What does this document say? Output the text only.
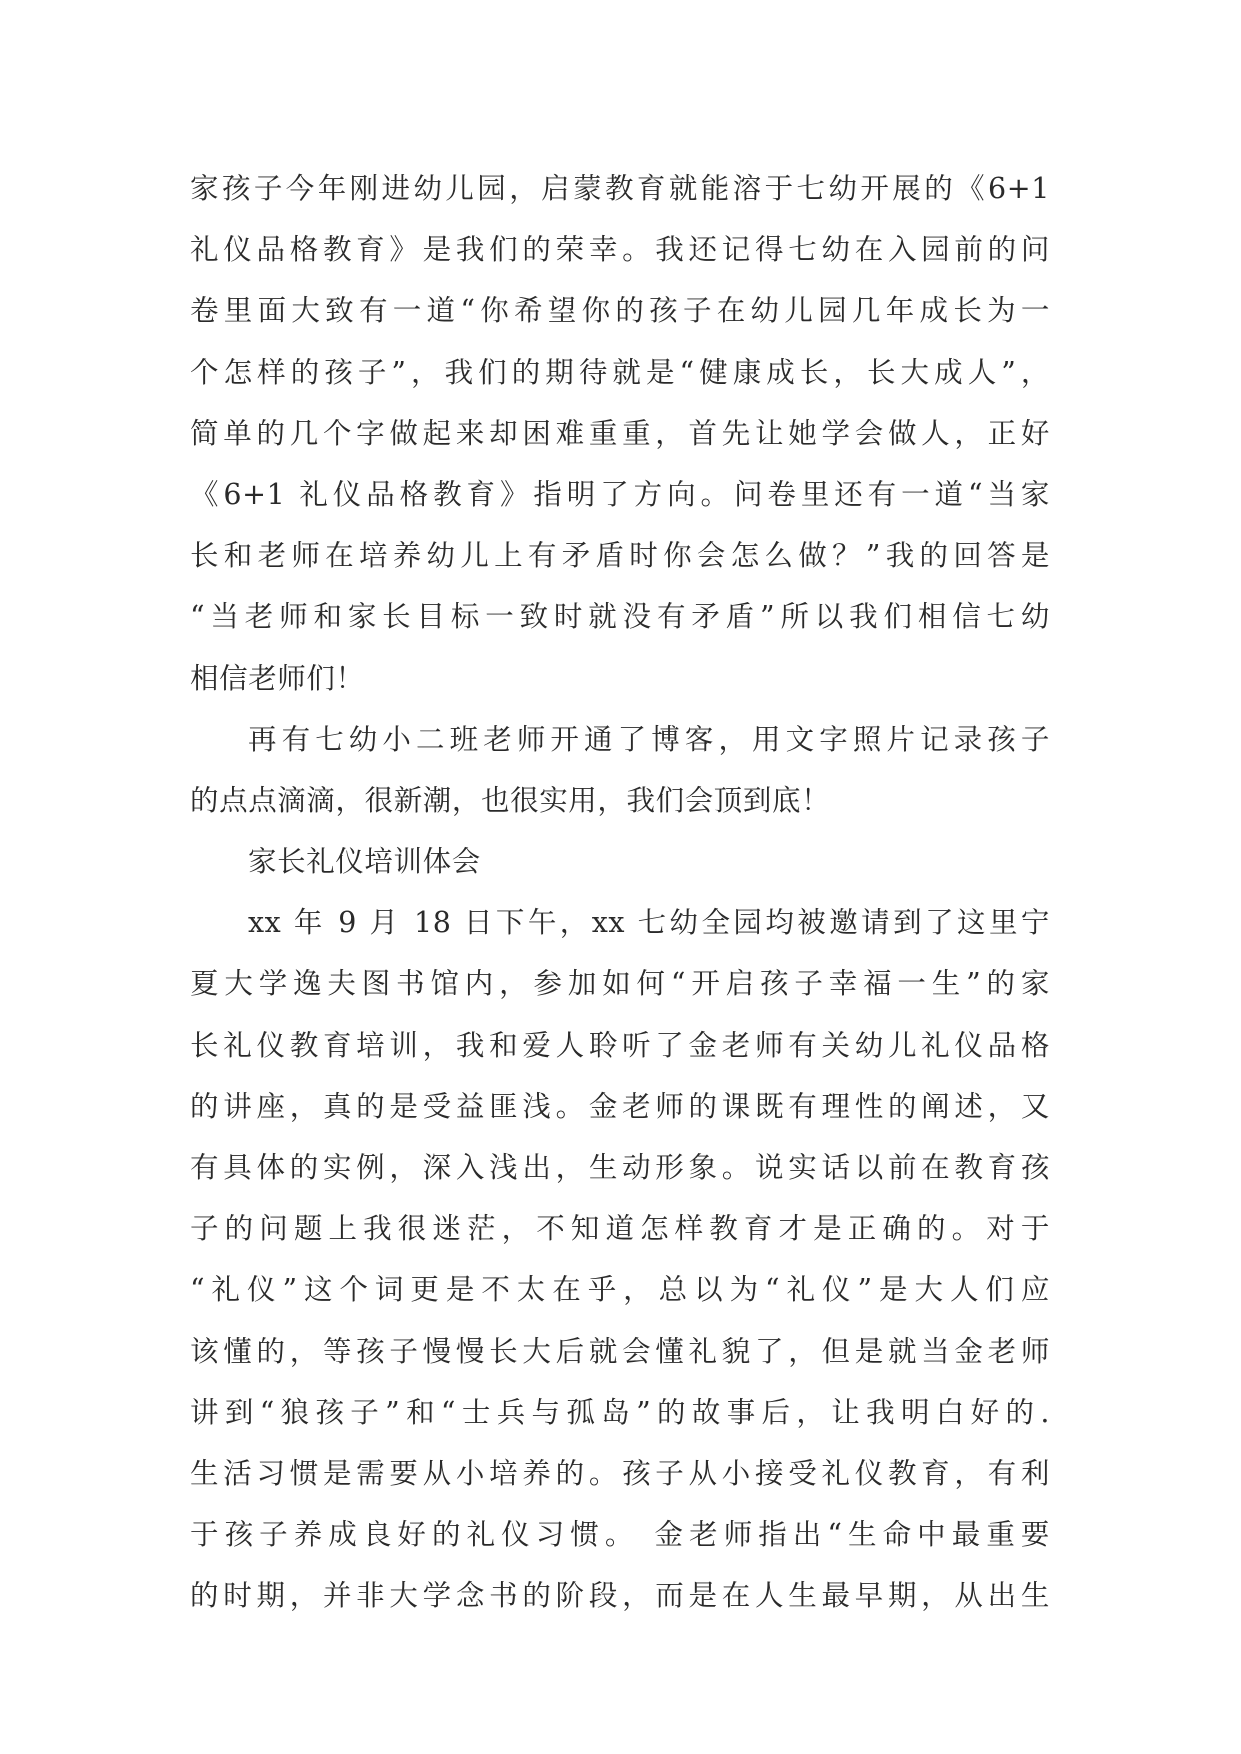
家孩子今年刚进幼儿园，启蒙教育就能溶于七幼开展的《6+1
礼仪品格教育》是我们的荣幸。我还记得七幼在入园前的问
卷里面大致有一道“你希望你的孩子在幼儿园几年成长为一
个怎样的孩子”，我们的期待就是“健康成长，长大成人”，
简单的几个字做起来却困难重重，首先让她学会做人，正好
《6+1 礼仪品格教育》指明了方向。问卷里还有一道“当家
长和老师在培养幼儿上有矛盾时你会怎么做？”我的回答是
“当老师和家长目标一致时就没有矛盾”所以我们相信七幼
相信老师们！
再有七幼小二班老师开通了博客，用文字照片记录孩子
的点点滴滴，很新潮，也很实用，我们会顶到底！
家长礼仪培训体会
xx 年 9 月 18 日下午，xx 七幼全园均被邀请到了这里宁
夏大学逸夫图书馆内，参加如何“开启孩子幸福一生”的家
长礼仪教育培训，我和爱人聆听了金老师有关幼儿礼仪品格
的讲座，真的是受益匪浅。金老师的课既有理性的阐述，又
有具体的实例，深入浅出，生动形象。说实话以前在教育孩
子的问题上我很迷茫，不知道怎样教育才是正确的。对于
“礼仪”这个词更是不太在乎，总以为“礼仪”是大人们应
该懂的，等孩子慢慢长大后就会懂礼貌了，但是就当金老师
讲到“狼孩子”和“士兵与孤岛”的故事后，让我明白好的.
生活习惯是需要从小培养的。孩子从小接受礼仪教育，有利
于孩子养成良好的礼仪习惯。 金老师指出“生命中最重要
的时期，并非大学念书的阶段，而是在人生最早期，从出生
